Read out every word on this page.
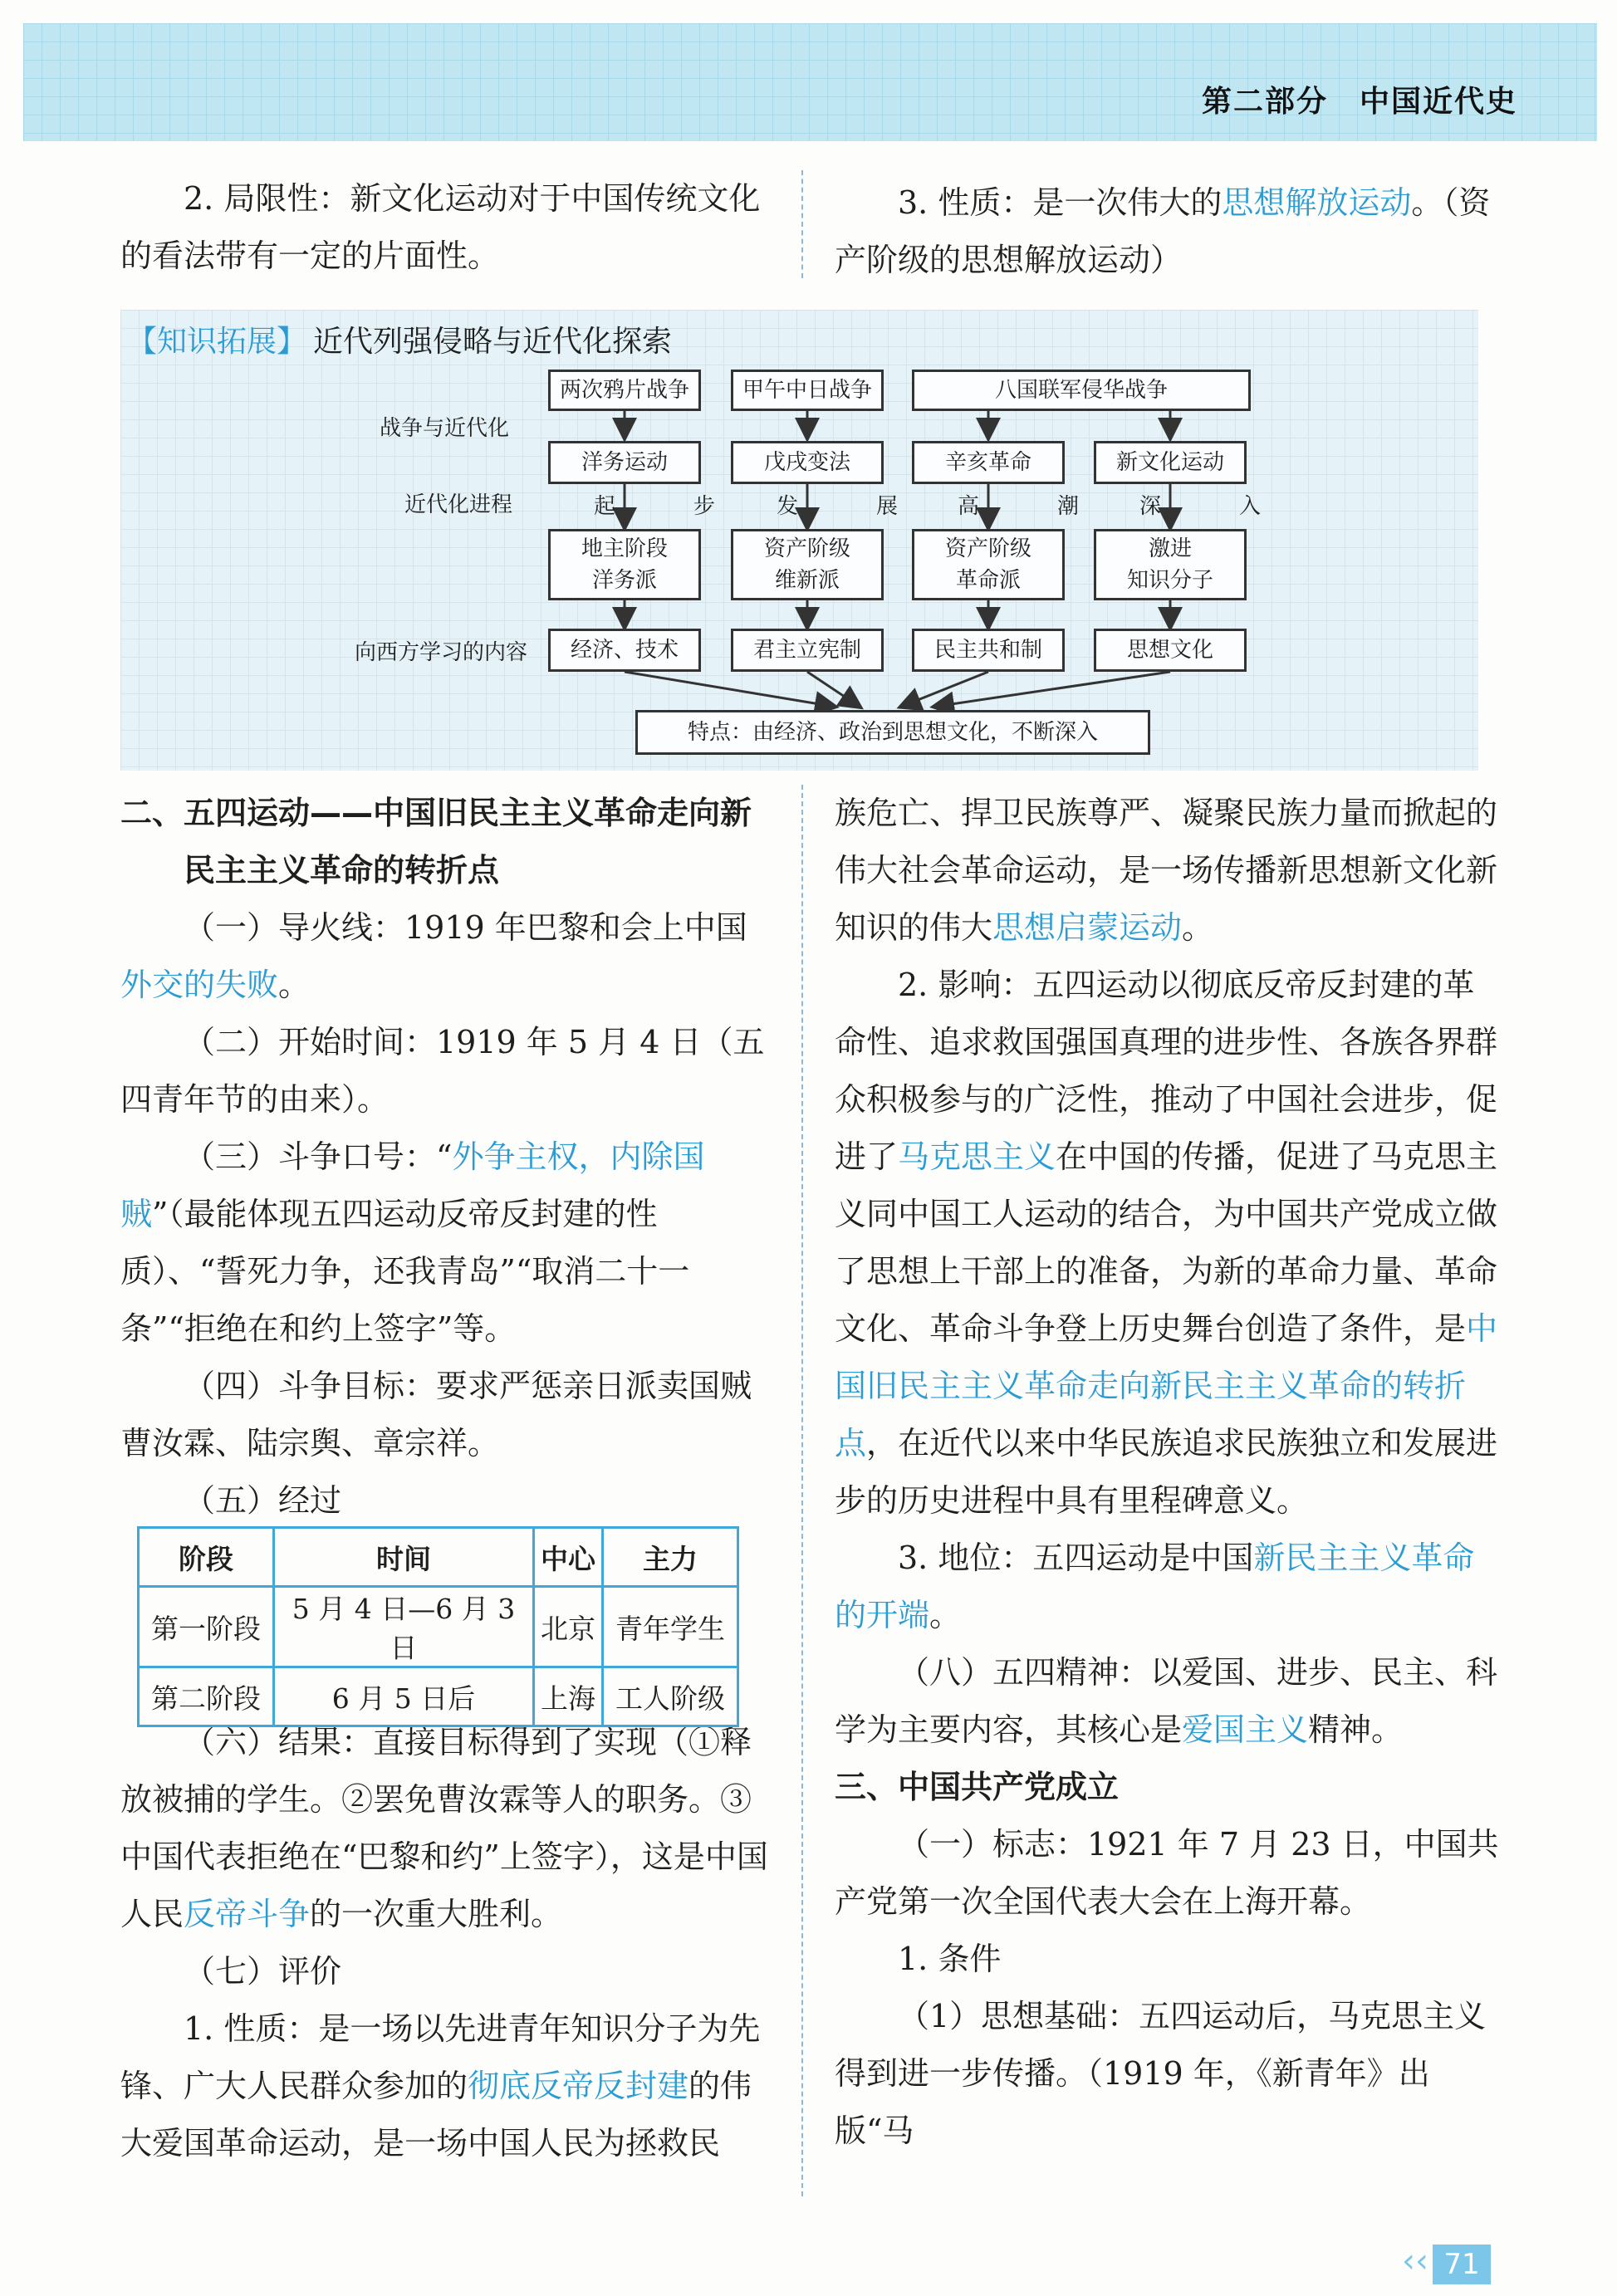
第二部分　中国近代史

2. 局限性：新文化运动对于中国传统文化的看法带有一定的片面性。

3. 性质：是一次伟大的思想解放运动。（资产阶级的思想解放运动）

【知识拓展】 近代列强侵略与近代化探索
战争与近代化
近代化进程
向西方学习的内容
两次鸦片战争	甲午中日战争	八国联军侵华战争
洋务运动	戊戌变法	辛亥革命	新文化运动
起　步 发　展 高　潮 深　入
地主阶段
洋务派
资产阶级
维新派
资产阶级
革命派
激进
知识分子
经济、技术	君主立宪制	民主共和制	思想文化
特点：由经济、政治到思想文化，不断深入

二、五四运动——中国旧民主主义革命走向新民主主义革命的转折点

（一）导火线：1919 年巴黎和会上中国外交的失败。

（二）开始时间：1919 年 5 月 4 日（五四青年节的由来）。

（三）斗争口号：“外争主权，内除国贼”（最能体现五四运动反帝反封建的性质）、“誓死力争，还我青岛”“取消二十一条”“拒绝在和约上签字”等。

（四）斗争目标：要求严惩亲日派卖国贼曹汝霖、陆宗舆、章宗祥。

（五）经过

（六）结果：直接目标得到了实现（①释放被捕的学生。②罢免曹汝霖等人的职务。③中国代表拒绝在“巴黎和约”上签字），这是中国人民反帝斗争的一次重大胜利。

（七）评价

1. 性质：是一场以先进青年知识分子为先锋、广大人民群众参加的彻底反帝反封建的伟大爱国革命运动，是一场中国人民为拯救民

阶段	时间	中心	主力
第一阶段	5 月 4 日—6 月 3 日	北京	青年学生
第二阶段	6 月 5 日后	上海	工人阶级

族危亡、捍卫民族尊严、凝聚民族力量而掀起的伟大社会革命运动，是一场传播新思想新文化新知识的伟大思想启蒙运动。

2. 影响：五四运动以彻底反帝反封建的革命性、追求救国强国真理的进步性、各族各界群众积极参与的广泛性，推动了中国社会进步，促进了马克思主义在中国的传播，促进了马克思主义同中国工人运动的结合，为中国共产党成立做了思想上干部上的准备，为新的革命力量、革命文化、革命斗争登上历史舞台创造了条件，是中国旧民主主义革命走向新民主主义革命的转折点，在近代以来中华民族追求民族独立和发展进步的历史进程中具有里程碑意义。

3. 地位：五四运动是中国新民主主义革命的开端。

（八）五四精神：以爱国、进步、民主、科学为主要内容，其核心是爱国主义精神。

三、中国共产党成立

（一）标志：1921 年 7 月 23 日，中国共产党第一次全国代表大会在上海开幕。

1. 条件

（1）思想基础：五四运动后，马克思主义得到进一步传播。（1919 年，《新青年》出版“马

‹‹ 71
